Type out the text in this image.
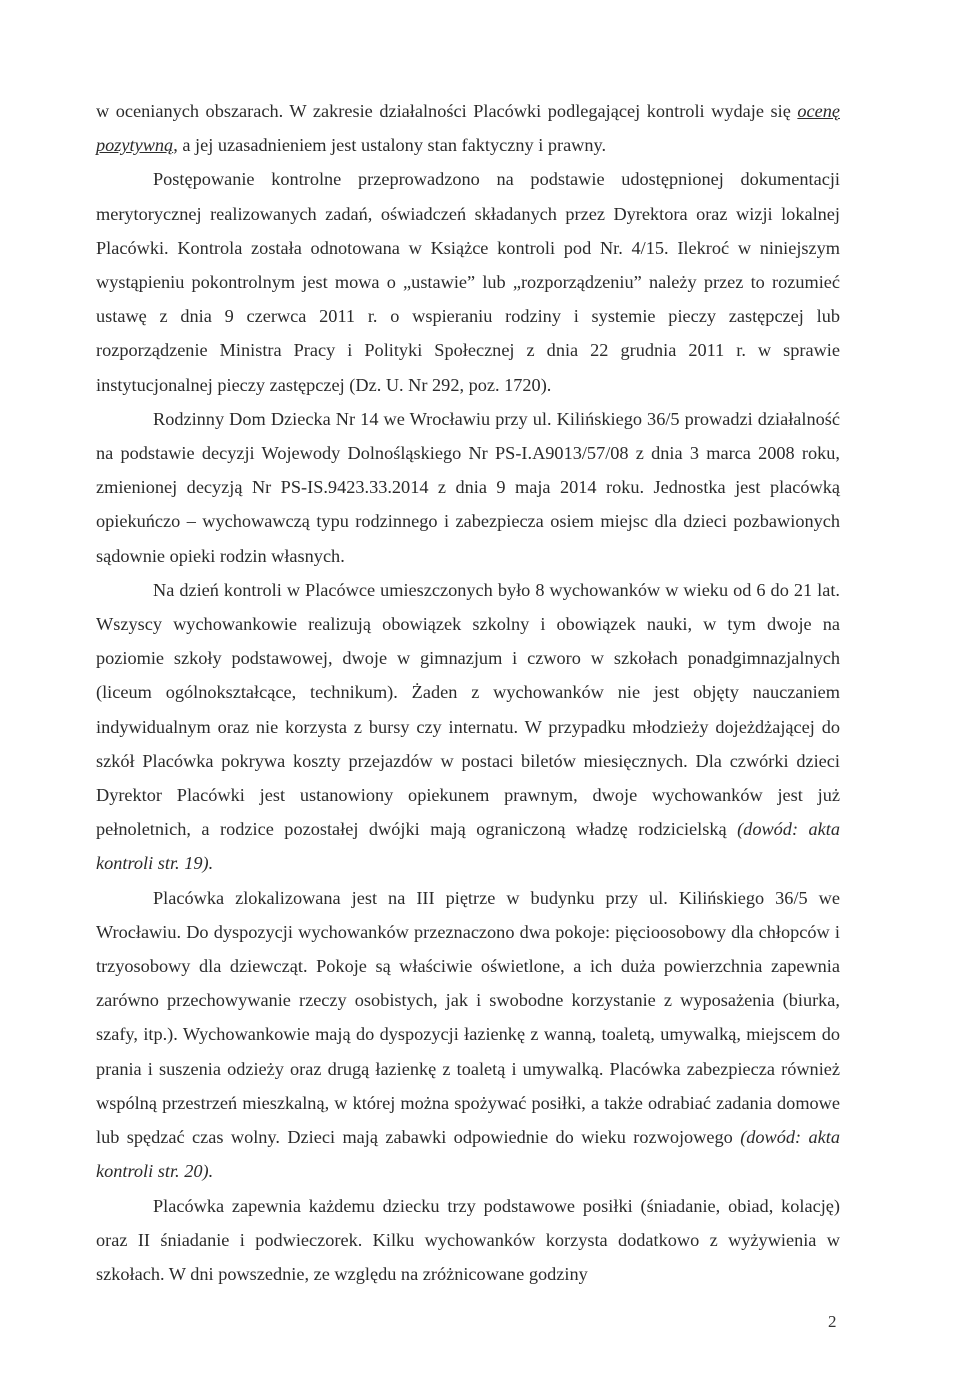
w ocenianych obszarach. W zakresie działalności Placówki podlegającej kontroli wydaje się ocenę pozytywną, a jej uzasadnieniem jest ustalony stan faktyczny i prawny.

Postępowanie kontrolne przeprowadzono na podstawie udostępnionej dokumentacji merytorycznej realizowanych zadań, oświadczeń składanych przez Dyrektora oraz wizji lokalnej Placówki. Kontrola została odnotowana w Książce kontroli pod Nr. 4/15. Ilekroć w niniejszym wystąpieniu pokontrolnym jest mowa o „ustawie” lub „rozporządzeniu” należy przez to rozumieć ustawę z dnia 9 czerwca 2011 r. o wspieraniu rodziny i systemie pieczy zastępczej lub rozporządzenie Ministra Pracy i Polityki Społecznej z dnia 22 grudnia 2011 r. w sprawie instytucjonalnej pieczy zastępczej (Dz. U. Nr 292, poz. 1720).

Rodzinny Dom Dziecka Nr 14 we Wrocławiu przy ul. Kilińskiego 36/5 prowadzi działalność na podstawie decyzji Wojewody Dolnośląskiego Nr PS-I.A9013/57/08 z dnia 3 marca 2008 roku, zmienionej decyzją Nr PS-IS.9423.33.2014 z dnia 9 maja 2014 roku. Jednostka jest placówką opiekuńczo – wychowawczą typu rodzinnego i zabezpiecza osiem miejsc dla dzieci pozbawionych sądownie opieki rodzin własnych.

Na dzień kontroli w Placówce umieszczonych było 8 wychowanków w wieku od 6 do 21 lat. Wszyscy wychowankowie realizują obowiązek szkolny i obowiązek nauki, w tym dwoje na poziomie szkoły podstawowej, dwoje w gimnazjum i czworo w szkołach ponadgimnazjalnych (liceum ogólnokształcące, technikum). Żaden z wychowanków nie jest objęty nauczaniem indywidualnym oraz nie korzysta z bursy czy internatu. W przypadku młodzieży dojeżdżającej do szkół Placówka pokrywa koszty przejazdów w postaci biletów miesięcznych. Dla czwórki dzieci Dyrektor Placówki jest ustanowiony opiekunem prawnym, dwoje wychowanków jest już pełnoletnich, a rodzice pozostałej dwójki mają ograniczoną władzę rodzicielską (dowód: akta kontroli str. 19).

Placówka zlokalizowana jest na III piętrze w budynku przy ul. Kilińskiego 36/5 we Wrocławiu. Do dyspozycji wychowanków przeznaczono dwa pokoje: pięcioosobowy dla chłopców i trzyosobowy dla dziewcząt. Pokoje są właściwie oświetlone, a ich duża powierzchnia zapewnia zarówno przechowywanie rzeczy osobistych, jak i swobodne korzystanie z wyposażenia (biurka, szafy, itp.). Wychowankowie mają do dyspozycji łazienkę z wanną, toaletą, umywalką, miejscem do prania i suszenia odzieży oraz drugą łazienkę z toaletą i umywalką. Placówka zabezpiecza również wspólną przestrzeń mieszkalną, w której można spożywać posiłki, a także odrabiać zadania domowe lub spędzać czas wolny. Dzieci mają zabawki odpowiednie do wieku rozwojowego (dowód: akta kontroli str. 20).

Placówka zapewnia każdemu dziecku trzy podstawowe posiłki (śniadanie, obiad, kolację) oraz II śniadanie i podwieczorek. Kilku wychowanków korzysta dodatkowo z wyżywienia w szkołach. W dni powszednie, ze względu na zróżnicowane godziny

2
